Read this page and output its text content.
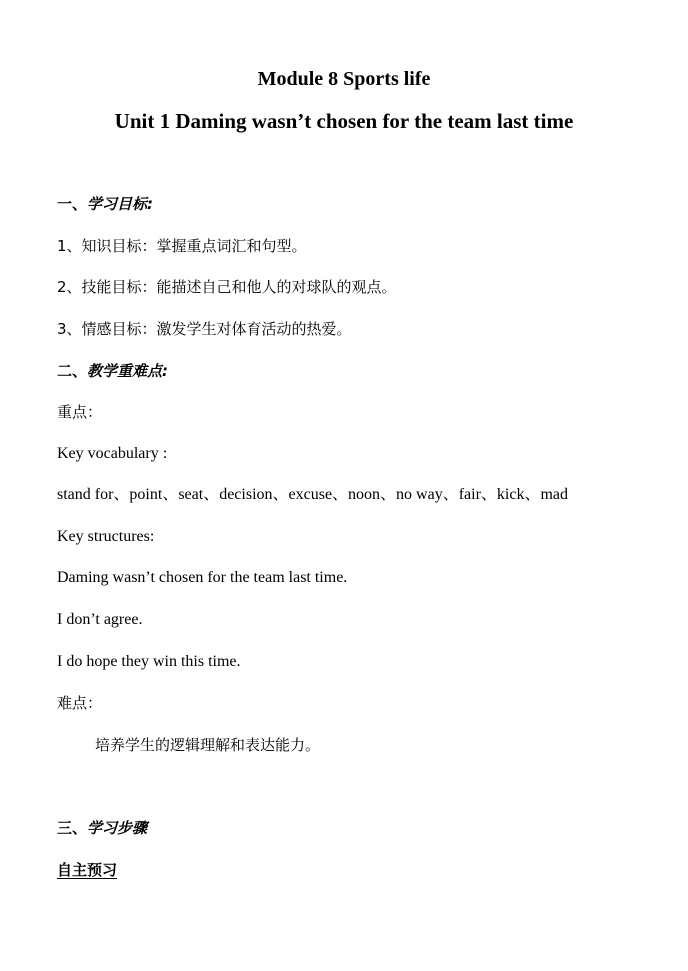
Module 8 Sports life
Unit 1 Daming wasn’t chosen for the team last time
一、学习目标:
1、知识目标：掌握重点词汇和句型。
2、技能目标：能描述自己和他人的对球队的观点。
3、情感目标：激发学生对体育活动的热爱。
二、教学重难点:
重点：
Key vocabulary :
stand for、point、seat、decision、excuse、noon、no way、fair、kick、mad
Key structures:
Daming wasn’t chosen for the team last time.
I don’t agree.
I do hope they win this time.
难点：
培养学生的逻辑理解和表达能力。
三、学习步骤
自主预习
